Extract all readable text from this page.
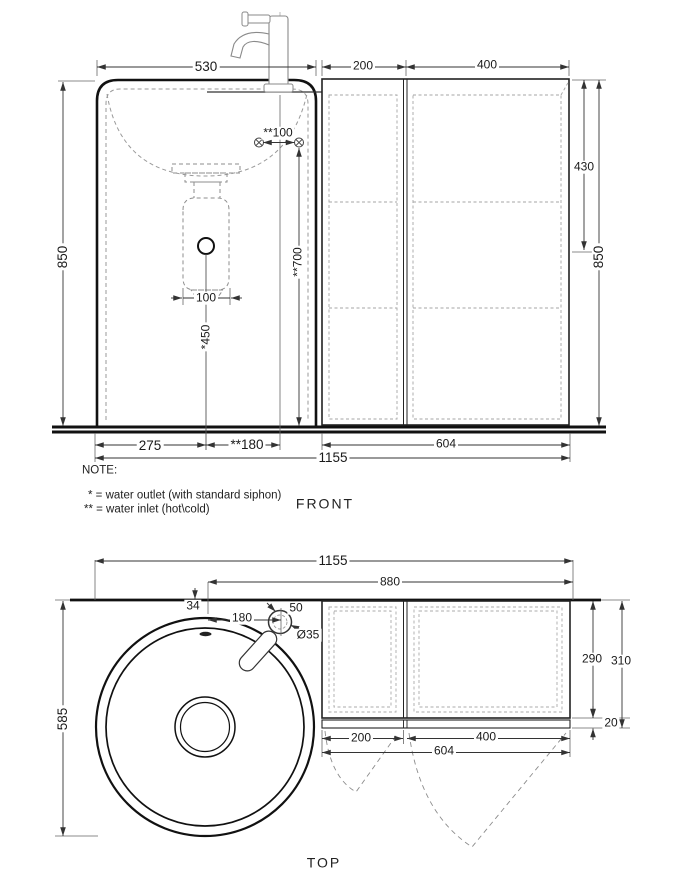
530	200	400
850	850
430
**100
**700
100
*450
275	**180	604
1155
FRONT
NOTE:
* = water outlet (with standard siphon)
** = water inlet (hot\cold)
1155
880
34
180
50
Ø35
585
290 310
20
200	400
604
TOP
